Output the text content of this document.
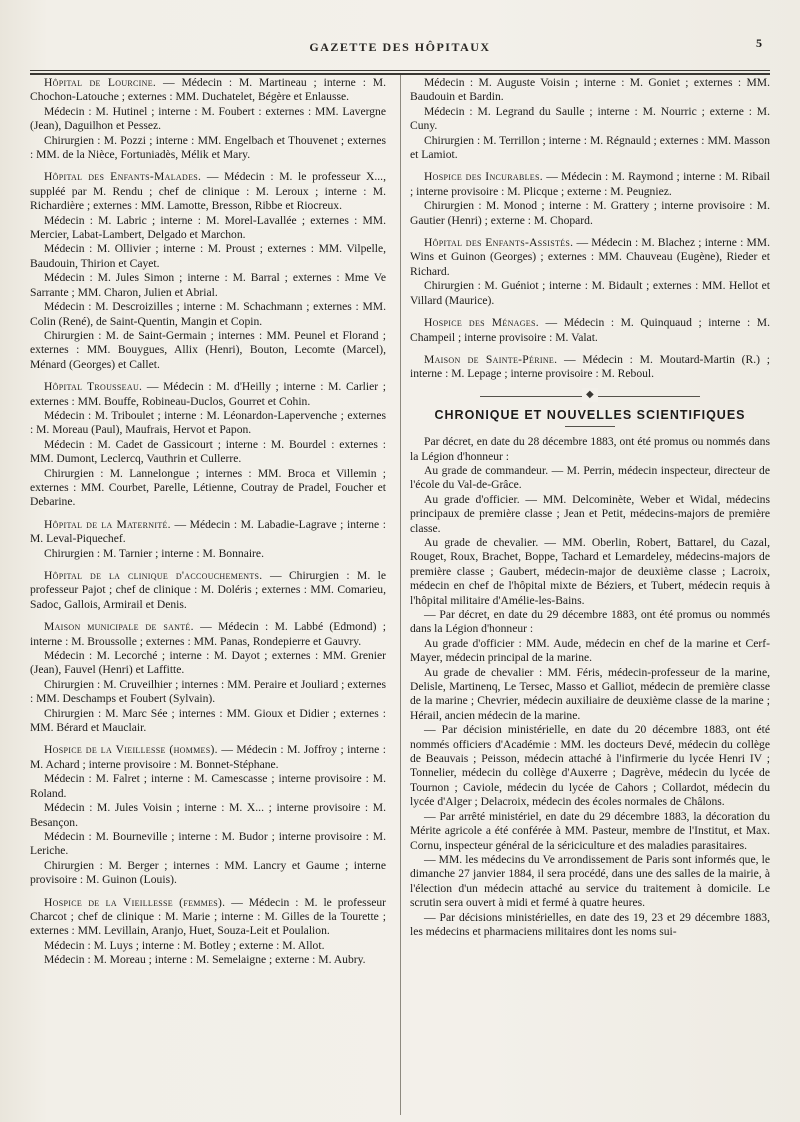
GAZETTE DES HÔPITAUX	5

Hôpital de Lourcine. — Médecin : M. Martineau ; interne : M. Chochon-Latouche ; externes : MM. Duchatelet, Bégère et Enlausse.

Médecin : M. Hutinel ; interne : M. Foubert : externes : MM. Lavergne (Jean), Daguilhon et Pessez.

Chirurgien : M. Pozzi ; interne : MM. Engelbach et Thouvenet ; externes : MM. de la Nièce, Fortuniadès, Mélik et Mary.

Hôpital des Enfants-Malades. — Médecin : M. le professeur X..., suppléé par M. Rendu ; chef de clinique : M. Leroux ; interne : M. Richardière ; externes : MM. Lamotte, Bresson, Ribbe et Riocreux.

Médecin : M. Labric ; interne : M. Morel-Lavallée ; externes : MM. Mercier, Labat-Lambert, Delgado et Marchon.

Médecin : M. Ollivier ; interne : M. Proust ; externes : MM. Vilpelle, Baudouin, Thirion et Cayet.

Médecin : M. Jules Simon ; interne : M. Barral ; externes : Mme Ve Sarrante ; MM. Charon, Julien et Abrial.

Médecin : M. Descroizilles ; interne : M. Schachmann ; externes : MM. Colin (René), de Saint-Quentin, Mangin et Copin.

Chirurgien : M. de Saint-Germain ; internes : MM. Peunel et Florand ; externes : MM. Bouygues, Allix (Henri), Bouton, Lecomte (Marcel), Ménard (Georges) et Callet.

Hôpital Trousseau. — Médecin : M. d'Heilly ; interne : M. Carlier ; externes : MM. Bouffe, Robineau-Duclos, Gourret et Cohin.

Médecin : M. Triboulet ; interne : M. Léonardon-Lapervenche ; externes : M. Moreau (Paul), Maufrais, Hervot et Papon.

Médecin : M. Cadet de Gassicourt ; interne : M. Bourdel : externes : MM. Dumont, Leclercq, Vauthrin et Cullerre.

Chirurgien : M. Lannelongue ; internes : MM. Broca et Villemin ; externes : MM. Courbet, Parelle, Létienne, Coutray de Pradel, Foucher et Debarine.

Hôpital de la Maternité. — Médecin : M. Labadie-Lagrave ; interne : M. Leval-Piquechef.

Chirurgien : M. Tarnier ; interne : M. Bonnaire.

Hôpital de la clinique d'accouchements. — Chirurgien : M. le professeur Pajot ; chef de clinique : M. Doléris ; externes : MM. Comarieu, Sadoc, Gallois, Armirail et Denis.

Maison municipale de santé. — Médecin : M. Labbé (Edmond) ; interne : M. Broussolle ; externes : MM. Panas, Rondepierre et Gauvry.

Médecin : M. Lecorché ; interne : M. Dayot ; externes : MM. Grenier (Jean), Fauvel (Henri) et Laffitte.

Chirurgien : M. Cruveilhier ; internes : MM. Peraire et Jouliard ; externes : MM. Deschamps et Foubert (Sylvain).

Chirurgien : M. Marc Sée ; internes : MM. Gioux et Didier ; externes : MM. Bérard et Mauclair.

Hospice de la Vieillesse (hommes). — Médecin : M. Joffroy ; interne : M. Achard ; interne provisoire : M. Bonnet-Stéphane.

Médecin : M. Falret ; interne : M. Camescasse ; interne provisoire : M. Roland.

Médecin : M. Jules Voisin ; interne : M. X... ; interne provisoire : M. Besançon.

Médecin : M. Bourneville ; interne : M. Budor ; interne provisoire : M. Leriche.

Chirurgien : M. Berger ; internes : MM. Lancry et Gaume ; interne provisoire : M. Guinon (Louis).

Hospice de la Vieillesse (femmes). — Médecin : M. le professeur Charcot ; chef de clinique : M. Marie ; interne : M. Gilles de la Tourette ; externes : MM. Levillain, Aranjo, Huet, Souza-Leit et Poulalion.

Médecin : M. Luys ; interne : M. Botley ; externe : M. Allot.

Médecin : M. Moreau ; interne : M. Semelaigne ; externe : M. Aubry.

Médecin : M. Auguste Voisin ; interne : M. Goniet ; externes : MM. Baudouin et Bardin.

Médecin : M. Legrand du Saulle ; interne : M. Nourric ; externe : M. Cuny.

Chirurgien : M. Terrillon ; interne : M. Régnauld ; externes : MM. Masson et Lamiot.

Hospice des Incurables. — Médecin : M. Raymond ; interne : M. Ribail ; interne provisoire : M. Plicque ; externe : M. Peugniez.

Chirurgien : M. Monod ; interne : M. Grattery ; interne provisoire : M. Gautier (Henri) ; externe : M. Chopard.

Hôpital des Enfants-Assistés. — Médecin : M. Blachez ; interne : MM. Wins et Guinon (Georges) ; externes : MM. Chauveau (Eugène), Rieder et Richard.

Chirurgien : M. Guéniot ; interne : M. Bidault ; externes : MM. Hellot et Villard (Maurice).

Hospice des Ménages. — Médecin : M. Quinquaud ; interne : M. Champeil ; interne provisoire : M. Valat.

Maison de Sainte-Périne. — Médecin : M. Moutard-Martin (R.) ; interne : M. Lepage ; interne provisoire : M. Reboul.

◆
CHRONIQUE ET NOUVELLES SCIENTIFIQUES

Par décret, en date du 28 décembre 1883, ont été promus ou nommés dans la Légion d'honneur :

Au grade de commandeur. — M. Perrin, médecin inspecteur, directeur de l'école du Val-de-Grâce.

Au grade d'officier. — MM. Delcominète, Weber et Widal, médecins principaux de première classe ; Jean et Petit, médecins-majors de première classe.

Au grade de chevalier. — MM. Oberlin, Robert, Battarel, du Cazal, Rouget, Roux, Brachet, Boppe, Tachard et Lemardeley, médecins-majors de première classe ; Gaubert, médecin-major de deuxième classe ; Lacroix, médecin en chef de l'hôpital mixte de Béziers, et Tubert, médecin requis à l'hôpital militaire d'Amélie-les-Bains.

— Par décret, en date du 29 décembre 1883, ont été promus ou nommés dans la Légion d'honneur :

Au grade d'officier : MM. Aude, médecin en chef de la marine et Cerf-Mayer, médecin principal de la marine.

Au grade de chevalier : MM. Féris, médecin-professeur de la marine, Delisle, Martinenq, Le Tersec, Masso et Galliot, médecin de première classe de la marine ; Chevrier, médecin auxiliaire de deuxième classe de la marine ; Hérail, ancien médecin de la marine.

— Par décision ministérielle, en date du 20 décembre 1883, ont été nommés officiers d'Académie : MM. les docteurs Devé, médecin du collège de Beauvais ; Peisson, médecin attaché à l'infirmerie du lycée Henri IV ; Tonnelier, médecin du collège d'Auxerre ; Dagrève, médecin du lycée de Tournon ; Caviole, médecin du lycée de Cahors ; Collardot, médecin du lycée d'Alger ; Delacroix, médecin des écoles normales de Châlons.

— Par arrêté ministériel, en date du 29 décembre 1883, la décoration du Mérite agricole a été conférée à MM. Pasteur, membre de l'Institut, et Max. Cornu, inspecteur général de la sériciculture et des maladies parasitaires.

— MM. les médecins du Ve arrondissement de Paris sont informés que, le dimanche 27 janvier 1884, il sera procédé, dans une des salles de la mairie, à l'élection d'un médecin attaché au service du traitement à domicile. Le scrutin sera ouvert à midi et fermé à quatre heures.

— Par décisions ministérielles, en date des 19, 23 et 29 décembre 1883, les médecins et pharmaciens militaires dont les noms sui-
